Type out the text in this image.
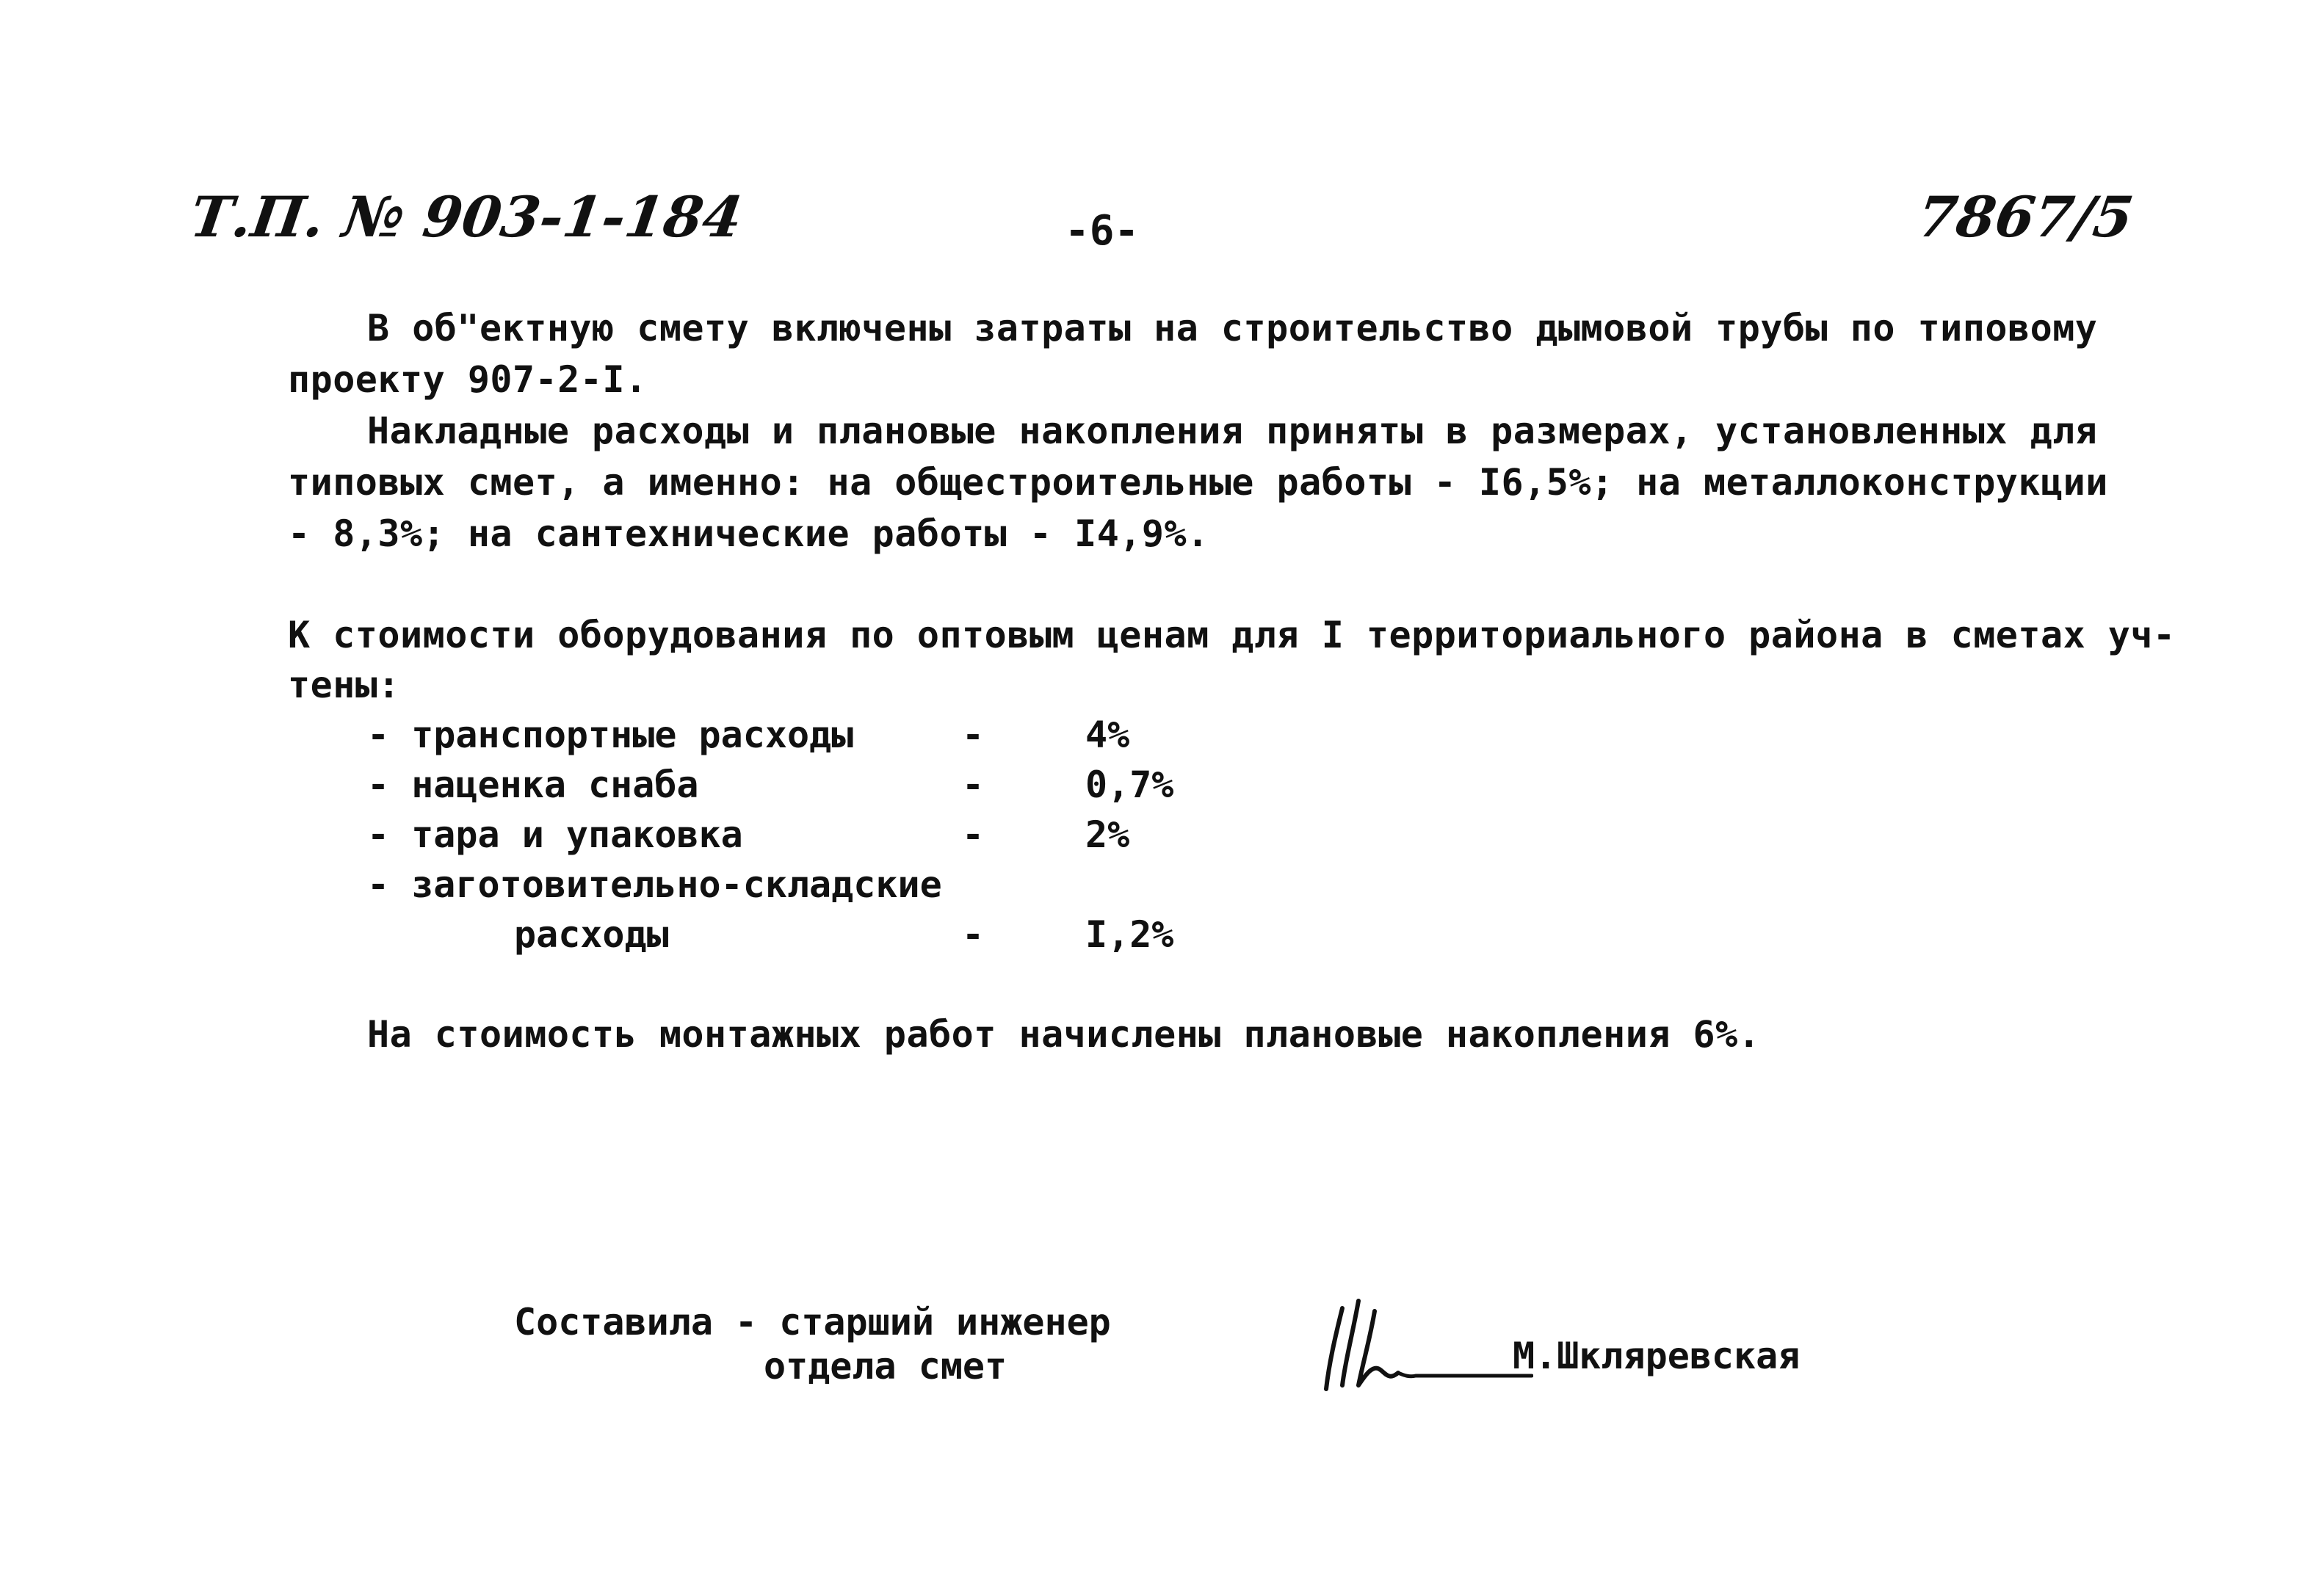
Т.П. № 903-1-184	-6-	7867/5
В об"ектную смету включены затраты на строительство дымовой трубы по типовому
проекту 907-2-I.
Накладные расходы и плановые накопления приняты в размерах, установленных для
типовых смет, а именно: на общестроительные работы - I6,5%; на металлоконструкции
- 8,3%; на сантехнические работы - I4,9%.
К стоимости оборудования по оптовым ценам для I территориального района в сметах уч-
тены:
- транспортные расходы	-	4%
- наценка снаба	-	0,7%
- тара и упаковка	-	2%
- заготовительно-складские
расходы	-	I,2%
На стоимость монтажных работ начислены плановые накопления 6%.
Составила - старший инженер
отдела смет	М.Шкляревская
